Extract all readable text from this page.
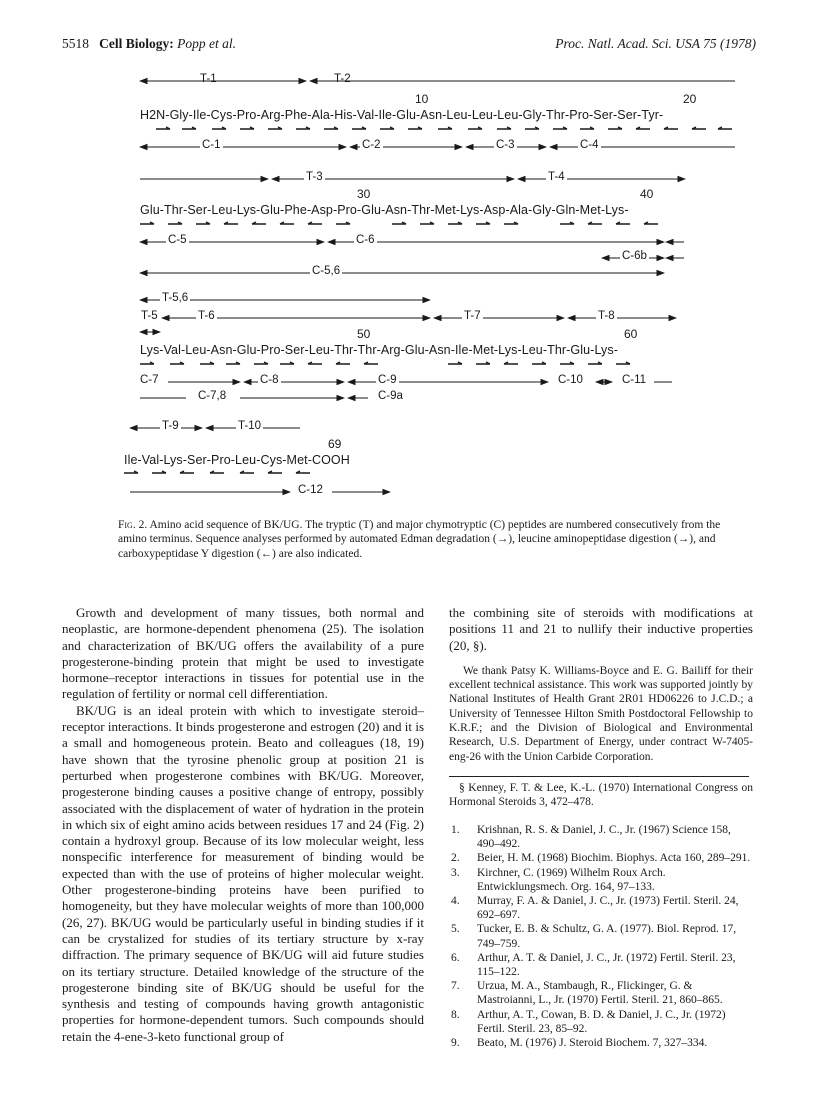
5518 Cell Biology: Popp et al.	Proc. Natl. Acad. Sci. USA 75 (1978)
T-1	T-2
10	20
H2N-Gly-Ile-Cys-Pro-Arg-Phe-Ala-His-Val-Ile-Glu-Asn-Leu-Leu-Leu-Gly-Thr-Pro-Ser-Ser-Tyr-
C-1	C-2	C-3	C-4
T-3	T-4
30	40
Glu-Thr-Ser-Leu-Lys-Glu-Phe-Asp-Pro-Glu-Asn-Thr-Met-Lys-Asp-Ala-Gly-Gln-Met-Lys-
C-5	C-6
C-6b
C-5,6
T-5,6
T-5	T-6	T-7	T-8
50	60
Lys-Val-Leu-Asn-Glu-Pro-Ser-Leu-Thr-Thr-Arg-Glu-Asn-Ile-Met-Lys-Leu-Thr-Glu-Lys-
C-7	C-8	C-9	C-10	C-11
C-7,8	C-9a
T-9	T-10
69
Ile-Val-Lys-Ser-Pro-Leu-Cys-Met-COOH
C-12
Fig. 2. Amino acid sequence of BK/UG. The tryptic (T) and major chymotryptic (C) peptides are numbered consecutively from the amino terminus. Sequence analyses performed by automated Edman degradation (→), leucine aminopeptidase digestion (→), and carboxypeptidase Y digestion (←) are also indicated.

Growth and development of many tissues, both normal and neoplastic, are hormone-dependent phenomena (25). The isolation and characterization of BK/UG offers the availability of a pure progesterone-binding protein that might be used to investigate hormone–receptor interactions in tissues for potential use in the regulation of fertility or normal cell differentiation.

BK/UG is an ideal protein with which to investigate steroid–receptor interactions. It binds progesterone and estrogen (20) and it is a small and homogeneous protein. Beato and colleagues (18, 19) have shown that the tyrosine phenolic group at position 21 is perturbed when progesterone combines with BK/UG. Moreover, progesterone binding causes a positive change of entropy, possibly associated with the displacement of water of hydration in the protein in which six of eight amino acids between residues 17 and 24 (Fig. 2) contain a hydroxyl group. Because of its low molecular weight, less nonspecific interference for measurement of binding would be expected than with the use of proteins of higher molecular weight. Other progesterone-binding proteins have been purified to homogeneity, but they have molecular weights of more than 100,000 (26, 27). BK/UG would be particularly useful in binding studies if it can be crystalized for studies of its tertiary structure by x-ray diffraction. The primary sequence of BK/UG will aid future studies on its tertiary structure. Detailed knowledge of the structure of the progesterone binding site of BK/UG should be useful for the synthesis and testing of compounds having growth antagonistic properties for hormone-dependent tumors. Such compounds should retain the 4-ene-3-keto functional group of

the combining site of steroids with modifications at positions 11 and 21 to nullify their inductive properties (20, §).

We thank Patsy K. Williams-Boyce and E. G. Bailiff for their excellent technical assistance. This work was supported jointly by National Institutes of Health Grant 2R01 HD06226 to J.C.D.; a University of Tennessee Hilton Smith Postdoctoral Fellowship to K.R.F.; and the Division of Biological and Environmental Research, U.S. Department of Energy, under contract W-7405-eng-26 with the Union Carbide Corporation.

§ Kenney, F. T. & Lee, K.-L. (1970) International Congress on Hormonal Steroids 3, 472–478.

1.	Krishnan, R. S. & Daniel, J. C., Jr. (1967) Science 158, 490–492.
2.	Beier, H. M. (1968) Biochim. Biophys. Acta 160, 289–291.
3.	Kirchner, C. (1969) Wilhelm Roux Arch. Entwicklungsmech. Org. 164, 97–133.
4.	Murray, F. A. & Daniel, J. C., Jr. (1973) Fertil. Steril. 24, 692–697.
5.	Tucker, E. B. & Schultz, G. A. (1977). Biol. Reprod. 17, 749–759.
6.	Arthur, A. T. & Daniel, J. C., Jr. (1972) Fertil. Steril. 23, 115–122.
7.	Urzua, M. A., Stambaugh, R., Flickinger, G. & Mastroianni, L., Jr. (1970) Fertil. Steril. 21, 860–865.
8.	Arthur, A. T., Cowan, B. D. & Daniel, J. C., Jr. (1972) Fertil. Steril. 23, 85–92.
9.	Beato, M. (1976) J. Steroid Biochem. 7, 327–334.
